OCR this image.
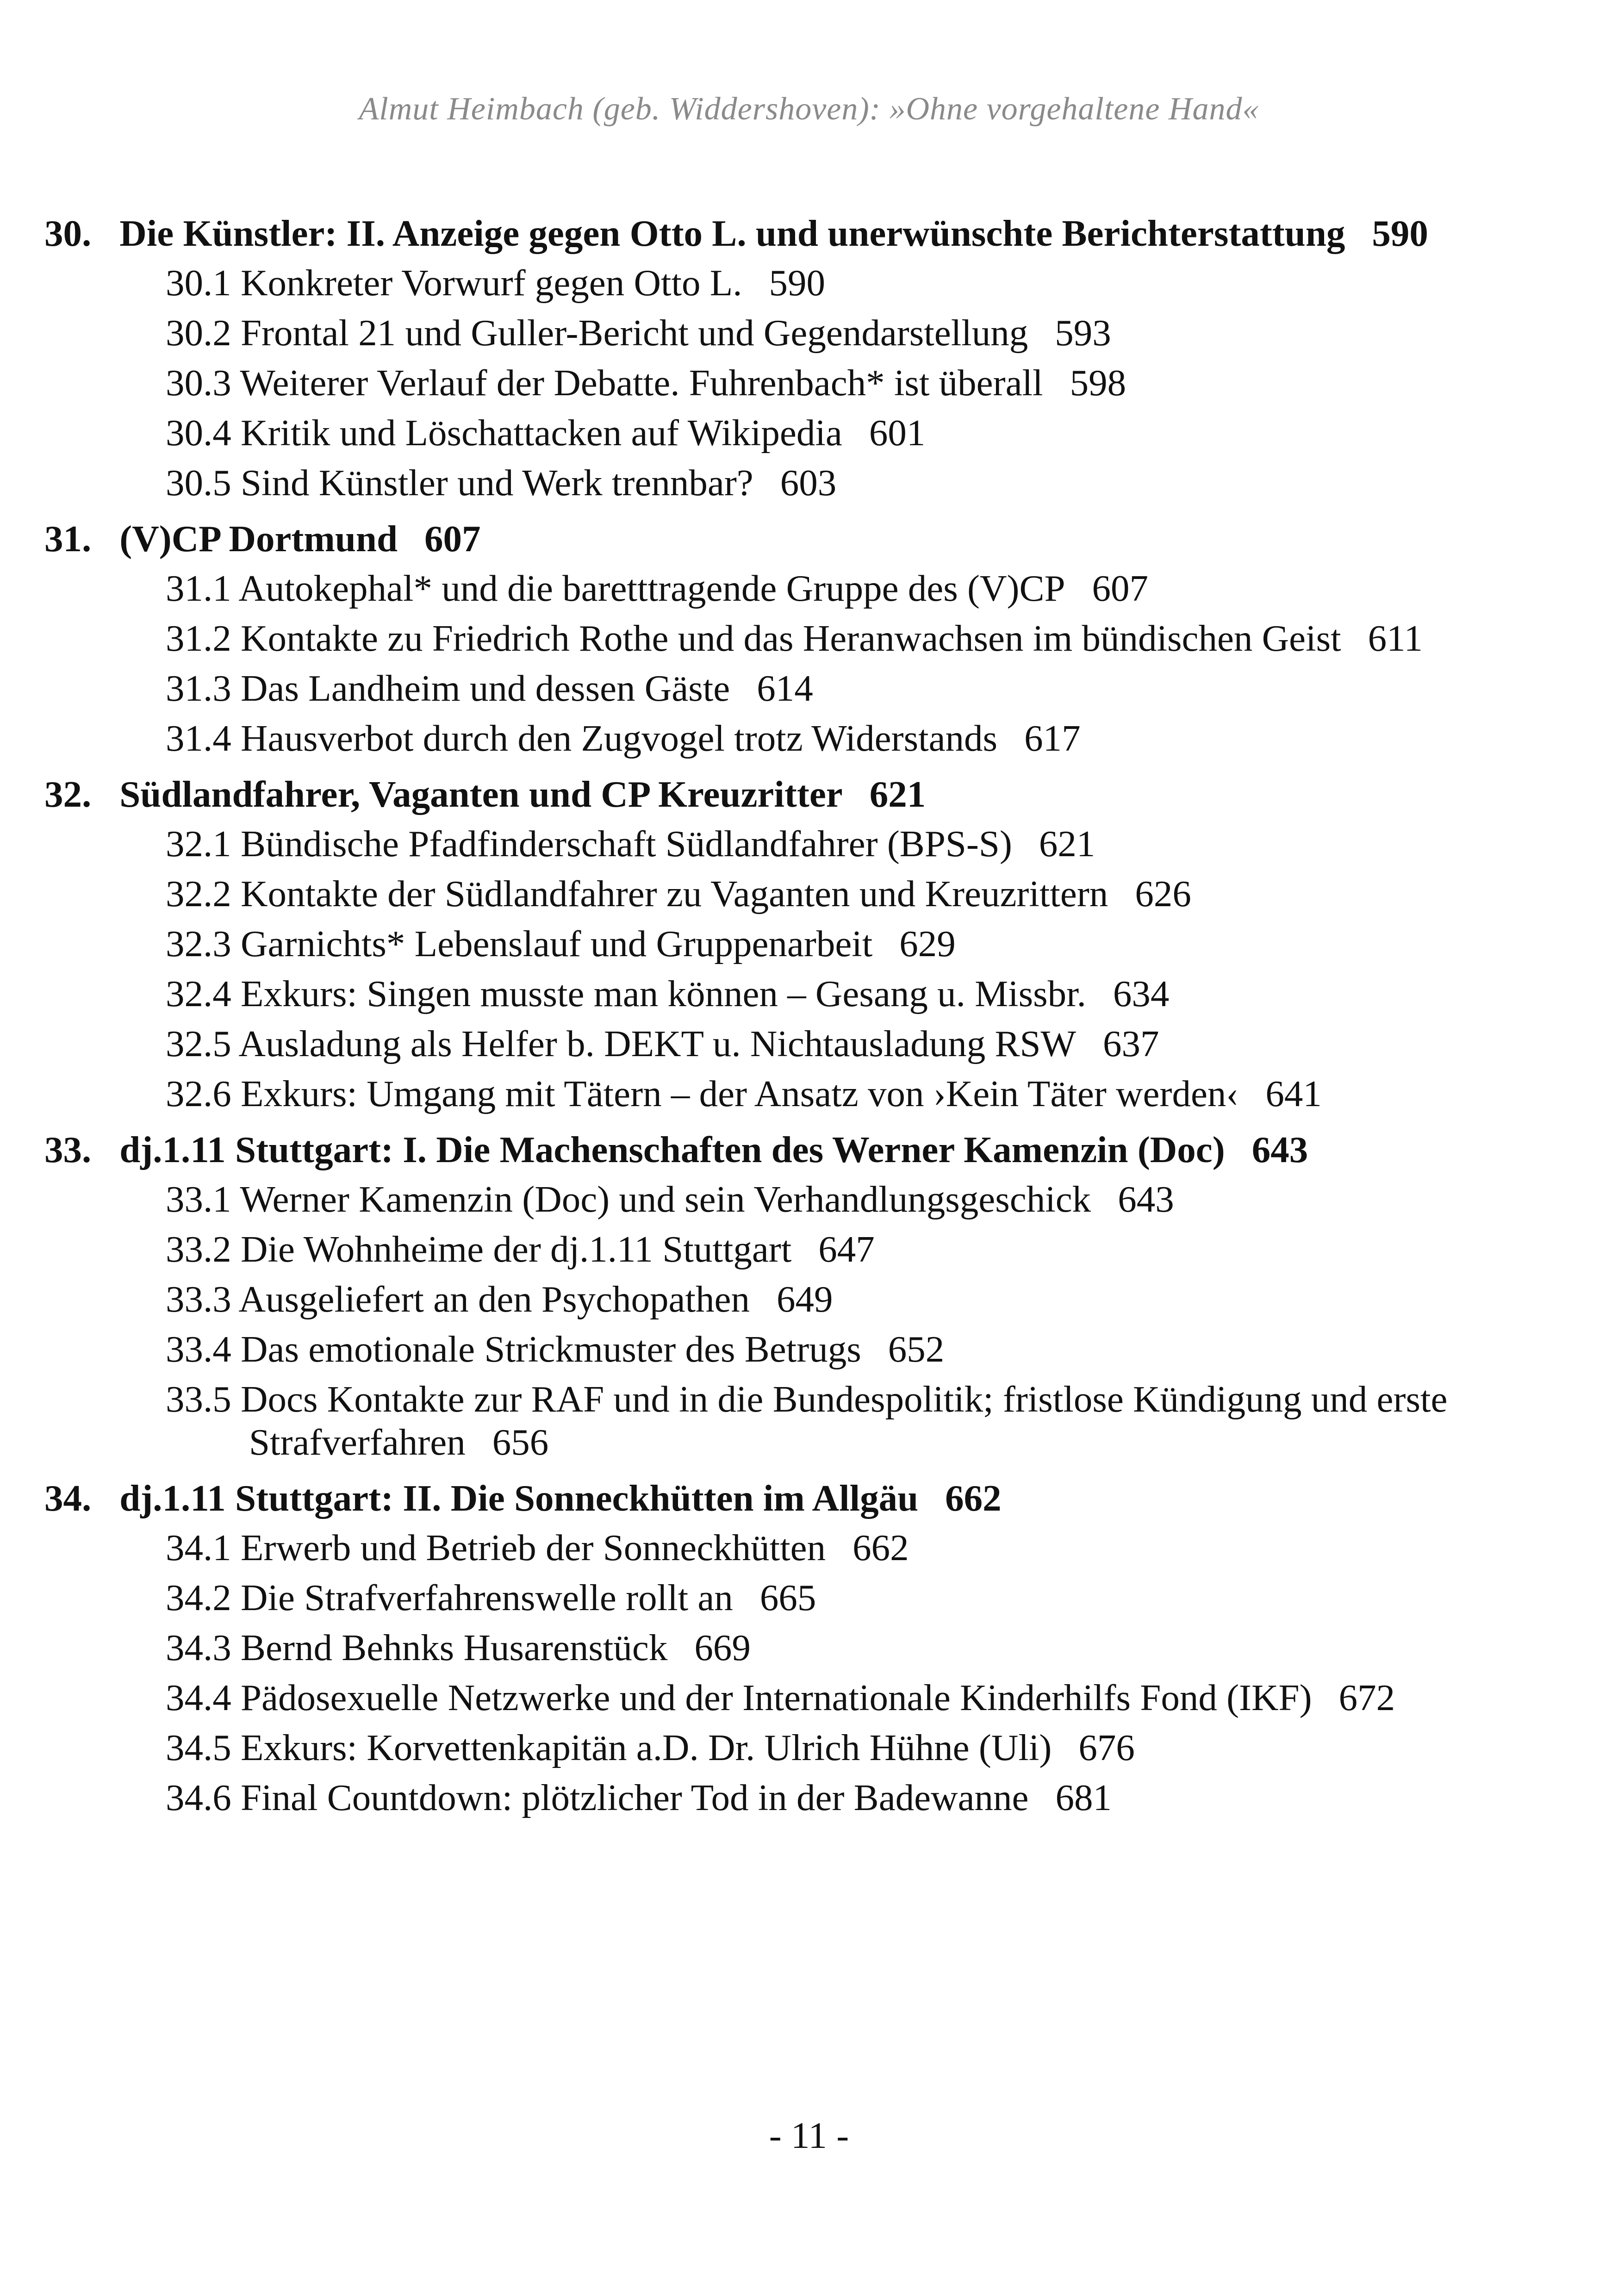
Almut Heimbach (geb. Widdershoven): »Ohne vorgehaltene Hand«

30. Die Künstler: II. Anzeige gegen Otto L. und unerwünschte Berichterstattung 590

30.1 Konkreter Vorwurf gegen Otto L. 590

30.2 Frontal 21 und Guller-Bericht und Gegendarstellung 593

30.3 Weiterer Verlauf der Debatte. Fuhrenbach* ist überall 598

30.4 Kritik und Löschattacken auf Wikipedia 601

30.5 Sind Künstler und Werk trennbar? 603

31. (V)CP Dortmund 607

31.1 Autokephal* und die baretttragende Gruppe des (V)CP 607

31.2 Kontakte zu Friedrich Rothe und das Heranwachsen im bündischen Geist 611

31.3 Das Landheim und dessen Gäste 614

31.4 Hausverbot durch den Zugvogel trotz Widerstands 617

32. Südlandfahrer, Vaganten und CP Kreuzritter 621

32.1 Bündische Pfadfinderschaft Südlandfahrer (BPS-S) 621

32.2 Kontakte der Südlandfahrer zu Vaganten und Kreuzrittern 626

32.3 Garnichts* Lebenslauf und Gruppenarbeit 629

32.4 Exkurs: Singen musste man können – Gesang u. Missbr. 634

32.5 Ausladung als Helfer b. DEKT u. Nichtausladung RSW 637

32.6 Exkurs: Umgang mit Tätern – der Ansatz von ›Kein Täter werden‹ 641

33. dj.1.11 Stuttgart: I. Die Machenschaften des Werner Kamenzin (Doc) 643

33.1 Werner Kamenzin (Doc) und sein Verhandlungsgeschick 643

33.2 Die Wohnheime der dj.1.11 Stuttgart 647

33.3 Ausgeliefert an den Psychopathen 649

33.4 Das emotionale Strickmuster des Betrugs 652

33.5 Docs Kontakte zur RAF und in die Bundespolitik; fristlose Kündigung und erste Strafverfahren 656

34. dj.1.11 Stuttgart: II. Die Sonneckhütten im Allgäu 662

34.1 Erwerb und Betrieb der Sonneckhütten 662

34.2 Die Strafverfahrenswelle rollt an 665

34.3 Bernd Behnks Husarenstück 669

34.4 Pädosexuelle Netzwerke und der Internationale Kinderhilfs Fond (IKF) 672

34.5 Exkurs: Korvettenkapitän a.D. Dr. Ulrich Hühne (Uli) 676

34.6 Final Countdown: plötzlicher Tod in der Badewanne 681

- 11 -
